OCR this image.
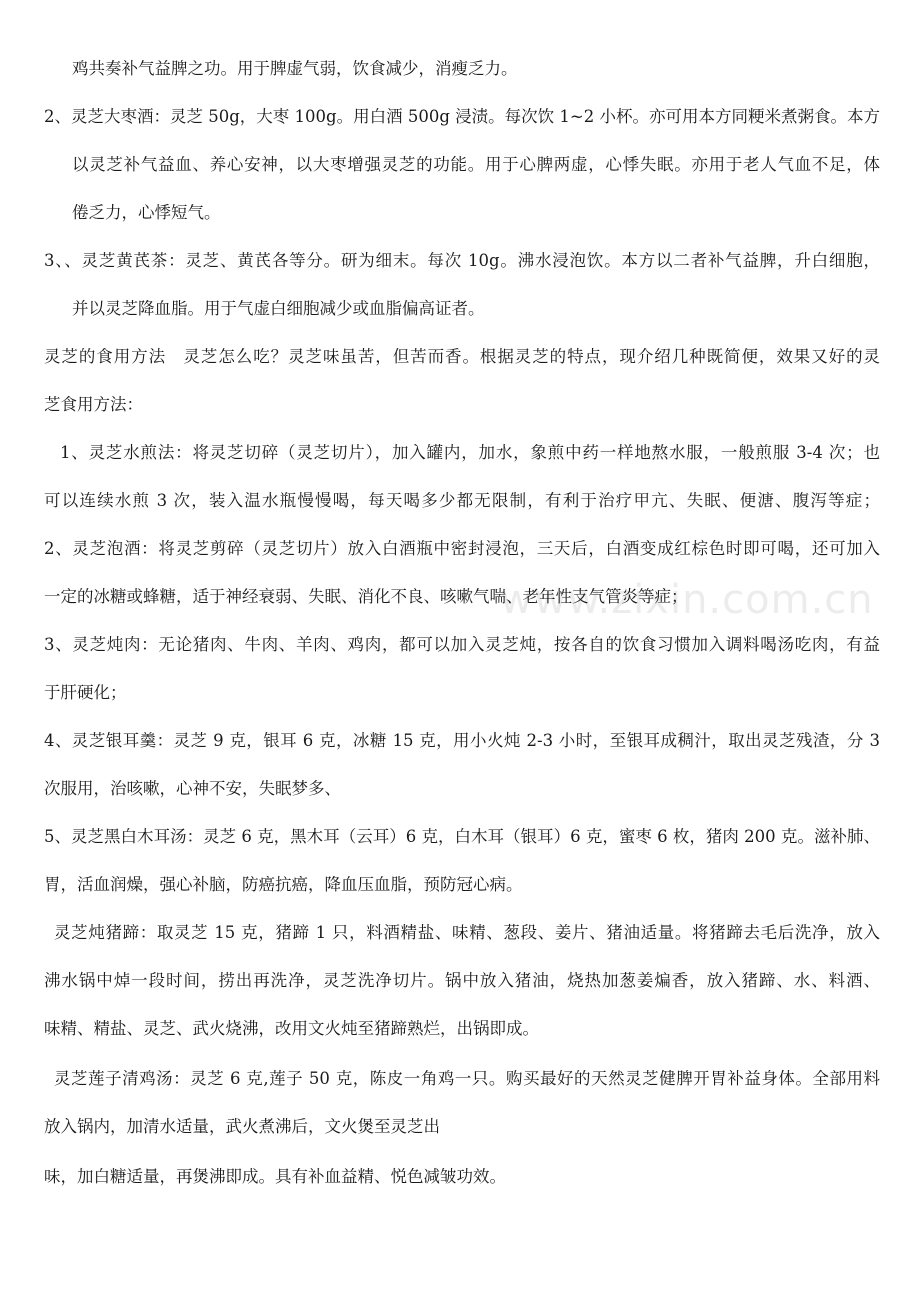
www.zixin.com.cn
鸡共奏补气益脾之功。用于脾虚气弱，饮食减少，消瘦乏力。
2、灵芝大枣酒：灵芝 50g，大枣 100g。用白酒 500g 浸渍。每次饮 1~2 小杯。亦可用本方同粳米煮粥食。本方
以灵芝补气益血、养心安神，以大枣增强灵芝的功能。用于心脾两虚，心悸失眠。亦用于老人气血不足，体
倦乏力，心悸短气。
3、、灵芝黄芪茶：灵芝、黄芪各等分。研为细末。每次 10g。沸水浸泡饮。本方以二者补气益脾，升白细胞，
并以灵芝降血脂。用于气虚白细胞减少或血脂偏高证者。
灵芝的食用方法　灵芝怎么吃？灵芝味虽苦，但苦而香。根据灵芝的特点，现介绍几种既简便，效果又好的灵
芝食用方法：
1、灵芝水煎法：将灵芝切碎（灵芝切片），加入罐内，加水，象煎中药一样地熬水服，一般煎服 3-4 次；也
可以连续水煎 3 次，装入温水瓶慢慢喝，每天喝多少都无限制，有利于治疗甲亢、失眠、便溏、腹泻等症；
2、灵芝泡酒：将灵芝剪碎（灵芝切片）放入白酒瓶中密封浸泡，三天后，白酒变成红棕色时即可喝，还可加入
一定的冰糖或蜂糖，适于神经衰弱、失眠、消化不良、咳嗽气喘、老年性支气管炎等症；
3、灵芝炖肉：无论猪肉、牛肉、羊肉、鸡肉，都可以加入灵芝炖，按各自的饮食习惯加入调料喝汤吃肉，有益
于肝硬化；
4、灵芝银耳羹：灵芝 9 克，银耳 6 克，冰糖 15 克，用小火炖 2-3 小时，至银耳成稠汁，取出灵芝残渣，分 3
次服用，治咳嗽，心神不安，失眠梦多、
5、灵芝黑白木耳汤：灵芝 6 克，黑木耳（云耳）6 克，白木耳（银耳）6 克，蜜枣 6 枚，猪肉 200 克。滋补肺、
胃，活血润燥，强心补脑，防癌抗癌，降血压血脂，预防冠心病。
灵芝炖猪蹄：取灵芝 15 克，猪蹄 1 只，料酒精盐、味精、葱段、姜片、猪油适量。将猪蹄去毛后洗净，放入
沸水锅中焯一段时间，捞出再洗净，灵芝洗净切片。锅中放入猪油，烧热加葱姜煸香，放入猪蹄、水、料酒、
味精、精盐、灵芝、武火烧沸，改用文火炖至猪蹄熟烂，出锅即成。
灵芝莲子清鸡汤：灵芝 6 克,莲子 50 克，陈皮一角鸡一只。购买最好的天然灵芝健脾开胃补益身体。全部用料
放入锅内，加清水适量，武火煮沸后，文火煲至灵芝出
味，加白糖适量，再煲沸即成。具有补血益精、悦色减皱功效。
